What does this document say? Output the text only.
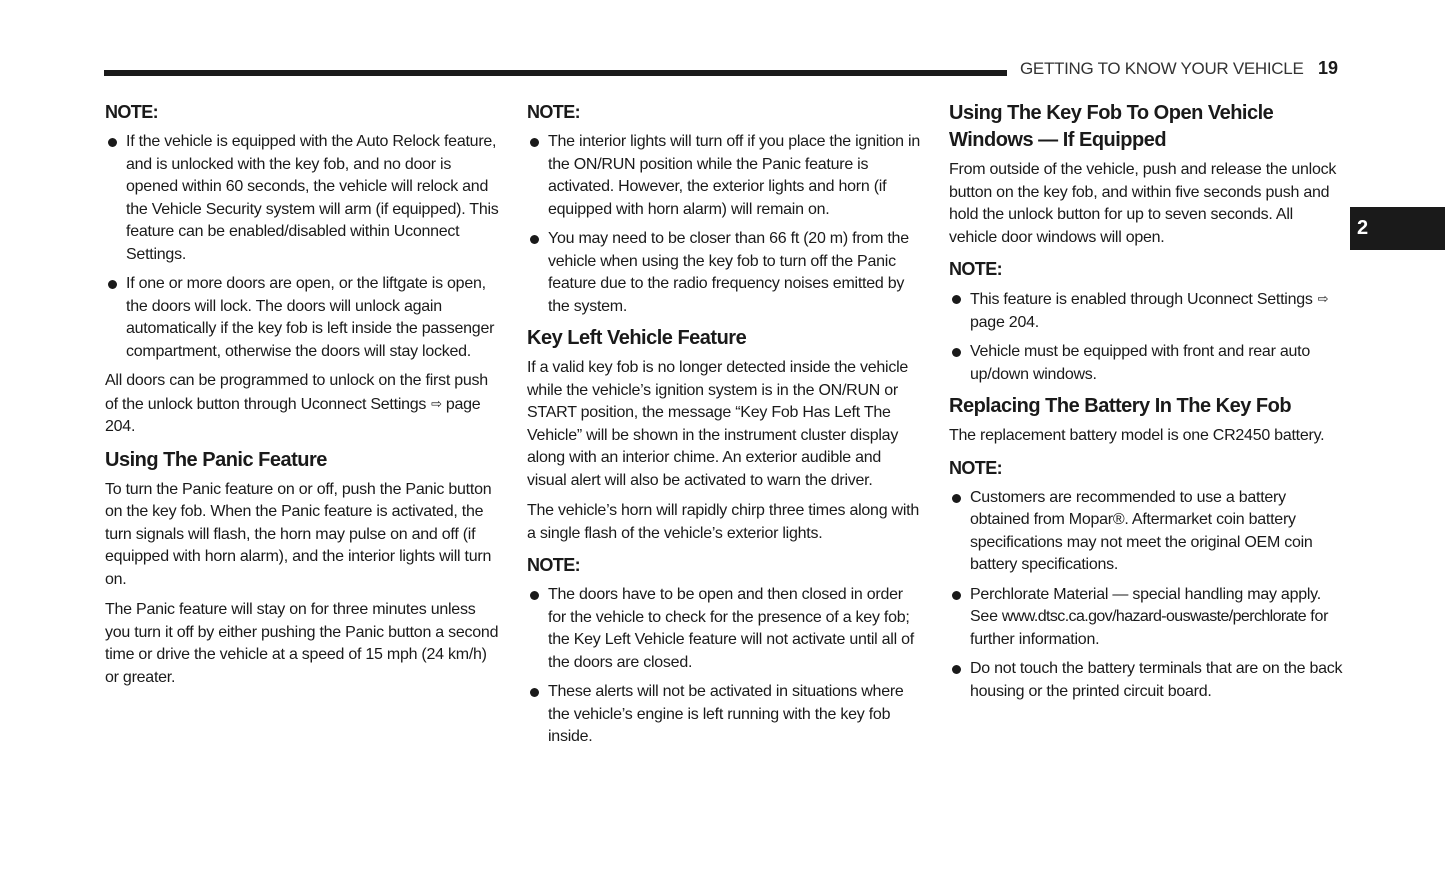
GETTING TO KNOW YOUR VEHICLE 19
2
NOTE:
If the vehicle is equipped with the Auto Relock feature, and is unlocked with the key fob, and no door is opened within 60 seconds, the vehicle will relock and the Vehicle Security system will arm (if equipped). This feature can be enabled/disabled within Uconnect Settings.
If one or more doors are open, or the liftgate is open, the doors will lock. The doors will unlock again automatically if the key fob is left inside the passenger compartment, otherwise the doors will stay locked.

All doors can be programmed to unlock on the first push of the unlock button through Uconnect Settings ⇨ page 204.

Using The Panic Feature

To turn the Panic feature on or off, push the Panic button on the key fob. When the Panic feature is activated, the turn signals will flash, the horn may pulse on and off (if equipped with horn alarm), and the interior lights will turn on.

The Panic feature will stay on for three minutes unless you turn it off by either pushing the Panic button a second time or drive the vehicle at a speed of 15 mph (24 km/h) or greater.

NOTE:
The interior lights will turn off if you place the ignition in the ON/RUN position while the Panic feature is activated. However, the exterior lights and horn (if equipped with horn alarm) will remain on.
You may need to be closer than 66 ft (20 m) from the vehicle when using the key fob to turn off the Panic feature due to the radio frequency noises emitted by the system.
Key Left Vehicle Feature

If a valid key fob is no longer detected inside the vehicle while the vehicle’s ignition system is in the ON/RUN or START position, the message “Key Fob Has Left The Vehicle” will be shown in the instrument cluster display along with an interior chime. An exterior audible and visual alert will also be activated to warn the driver.

The vehicle’s horn will rapidly chirp three times along with a single flash of the vehicle’s exterior lights.

NOTE:
The doors have to be open and then closed in order for the vehicle to check for the presence of a key fob; the Key Left Vehicle feature will not activate until all of the doors are closed.
These alerts will not be activated in situations where the vehicle’s engine is left running with the key fob inside.
Using The Key Fob To Open Vehicle Windows — If Equipped

From outside of the vehicle, push and release the unlock button on the key fob, and within five seconds push and hold the unlock button for up to seven seconds. All vehicle door windows will open.

NOTE:
This feature is enabled through Uconnect Settings ⇨page 204.
Vehicle must be equipped with front and rear auto up/down windows.
Replacing The Battery In The Key Fob

The replacement battery model is one CR2450 battery.

NOTE:
Customers are recommended to use a battery obtained from Mopar®. Aftermarket coin battery specifications may not meet the original OEM coin battery specifications.
Perchlorate Material — special handling may apply. See www.dtsc.ca.gov/hazard-ouswaste/perchlorate for further information.
Do not touch the battery terminals that are on the back housing or the printed circuit board.
